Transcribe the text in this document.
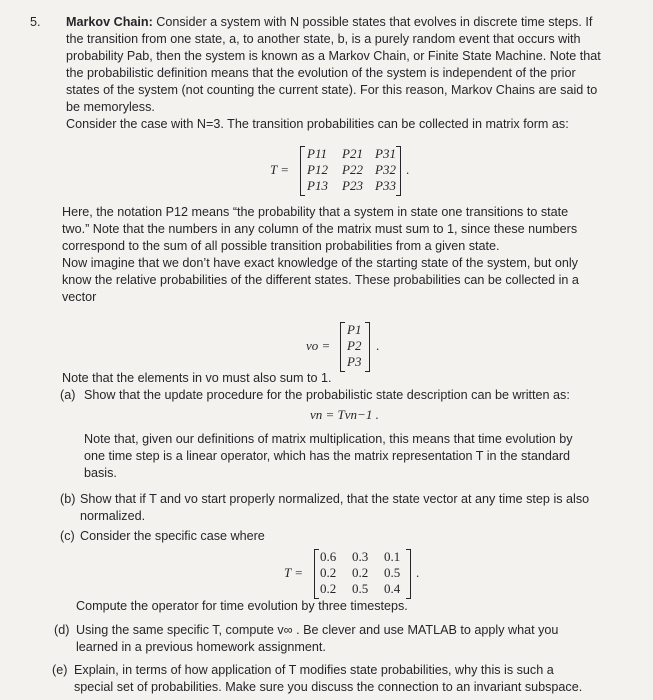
5. Markov Chain: Consider a system with N possible states that evolves in discrete time steps. If
the transition from one state, a, to another state, b, is a purely random event that occurs with
probability Pab, then the system is known as a Markov Chain, or Finite State Machine. Note that
the probabilistic definition means that the evolution of the system is independent of the prior
states of the system (not counting the current state). For this reason, Markov Chains are said to
be memoryless.
Consider the case with N=3. The transition probabilities can be collected in matrix form as:
T =
P11 P21 P31
P12 P22 P32
P13 P23 P33
.
Here, the notation P12 means “the probability that a system in state one transitions to state
two.” Note that the numbers in any column of the matrix must sum to 1, since these numbers
correspond to the sum of all possible transition probabilities from a given state.
Now imagine that we don’t have exact knowledge of the starting state of the system, but only
know the relative probabilities of the different states. These probabilities can be collected in a
vector
vo =
P1
P2
P3
.
Note that the elements in vo must also sum to 1.
(a) Show that the update procedure for the probabilistic state description can be written as:
vn = Tvn−1 .
Note that, given our definitions of matrix multiplication, this means that time evolution by
one time step is a linear operator, which has the matrix representation T in the standard
basis.
(b) Show that if T and vo start properly normalized, that the state vector at any time step is also
normalized.
(c) Consider the specific case where
T =
0.6 0.3 0.1
0.2 0.2 0.5
0.2 0.5 0.4
.
Compute the operator for time evolution by three timesteps.
(d) Using the same specific T, compute v∞ . Be clever and use MATLAB to apply what you
learned in a previous homework assignment.
(e) Explain, in terms of how application of T modifies state probabilities, why this is such a
special set of probabilities. Make sure you discuss the connection to an invariant subspace.
